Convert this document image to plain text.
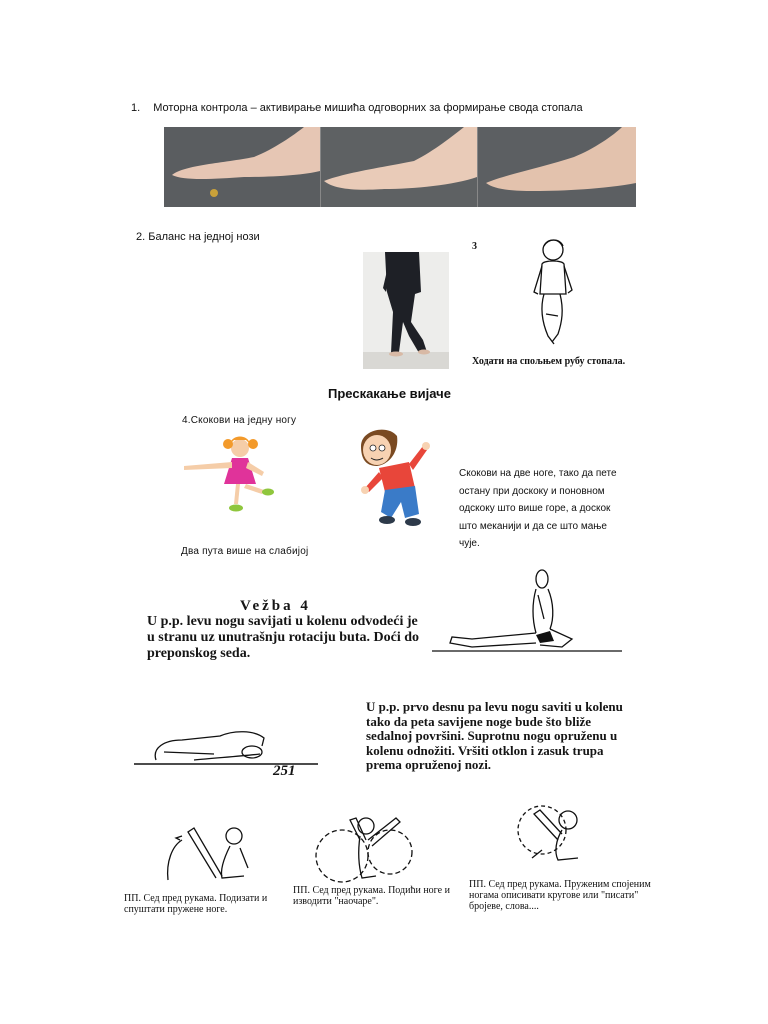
1. Моторна контрола – активирање мишића одговорних за формирање свода стопала
2. Баланс на једној нози
3
Ходати на спољњем рубу стопала.
Прескакање вијаче
4.Скокови на једну ногу
Два пута више на слабијој
Скокови на две ноге, тако да пете остану при доскоку и поновном одскоку што више горе, а доскок што меканији и да се што мање чује.
Vežba 4
U p.p. levu nogu savijati u kolenu odvodeći je u stranu uz unutrašnju rotaciju buta. Doći do preponskog seda.
251
U p.p. prvo desnu pa levu nogu saviti u kolenu tako da peta savijene noge bude što bliže sedalnoj površini. Suprotnu nogu opruženu u kolenu odnožiti. Vršiti otklon i zasuk trupa prema opruženoj nozi.
ПП. Сед пред рукама. Подизати и спуштати пружене ноге.
ПП. Сед пред рукама. Подићи ноге и изводити "наочаре".
ПП. Сед пред рукама. Пруженим спојеним ногама описивати кругове или "писати" бројеве, слова....
